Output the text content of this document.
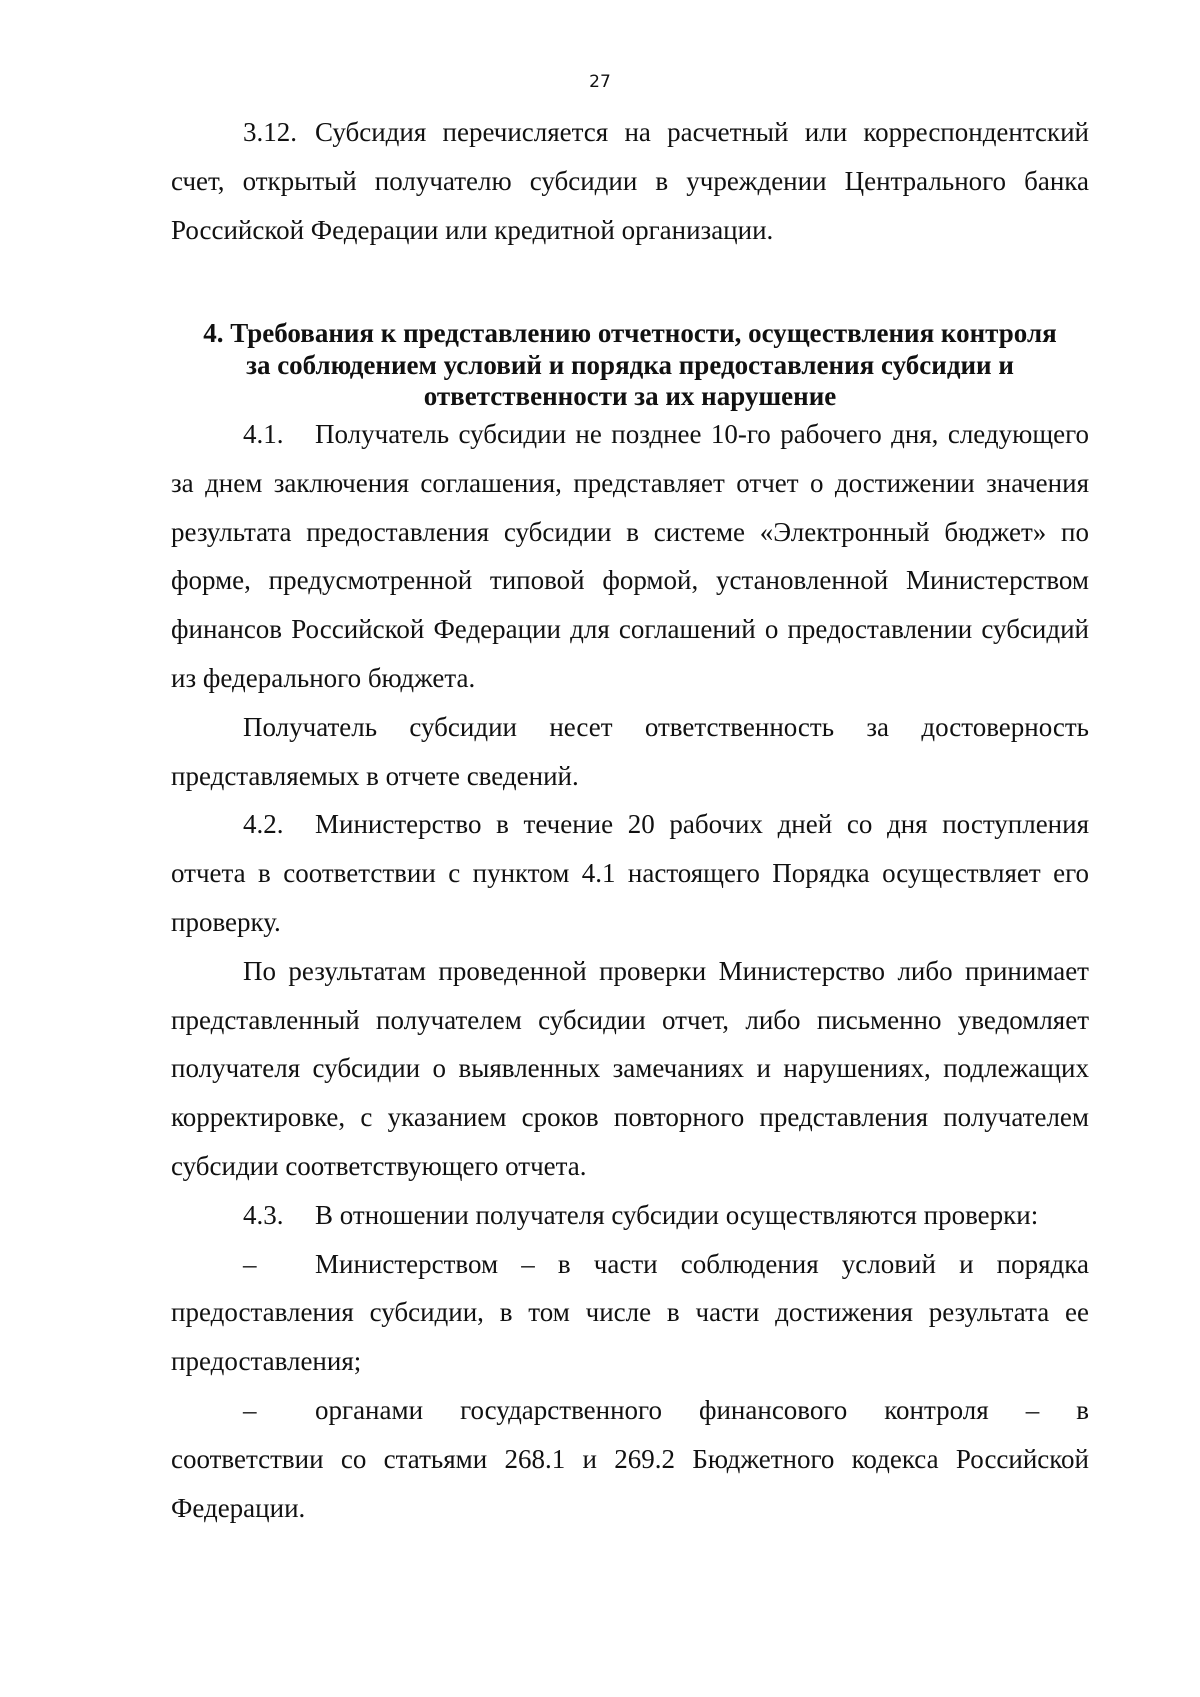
27

3.12. Субсидия перечисляется на расчетный или корреспондентский счет, открытый получателю субсидии в учреждении Центрального банка Российской Федерации или кредитной организации.

4. Требования к представлению отчетности, осуществления контроля
за соблюдением условий и порядка предоставления субсидии и
ответственности за их нарушение

4.1. Получатель субсидии не позднее 10-го рабочего дня, следующего за днем заключения соглашения, представляет отчет о достижении значения результата предоставления субсидии в системе «Электронный бюджет» по форме, предусмотренной типовой формой, установленной Министерством финансов Российской Федерации для соглашений о предоставлении субсидий из федерального бюджета.

Получатель субсидии несет ответственность за достоверность представляемых в отчете сведений.

4.2. Министерство в течение 20 рабочих дней со дня поступления отчета в соответствии с пунктом 4.1 настоящего Порядка осуществляет его проверку.

По результатам проведенной проверки Министерство либо принимает представленный получателем субсидии отчет, либо письменно уведомляет получателя субсидии о выявленных замечаниях и нарушениях, подлежащих корректировке, с указанием сроков повторного представления получателем субсидии соответствующего отчета.

4.3. В отношении получателя субсидии осуществляются проверки:

– Министерством – в части соблюдения условий и порядка предоставления субсидии, в том числе в части достижения результата ее предоставления;

– органами государственного финансового контроля – в соответствии со статьями 268.1 и 269.2 Бюджетного кодекса Российской Федерации.
